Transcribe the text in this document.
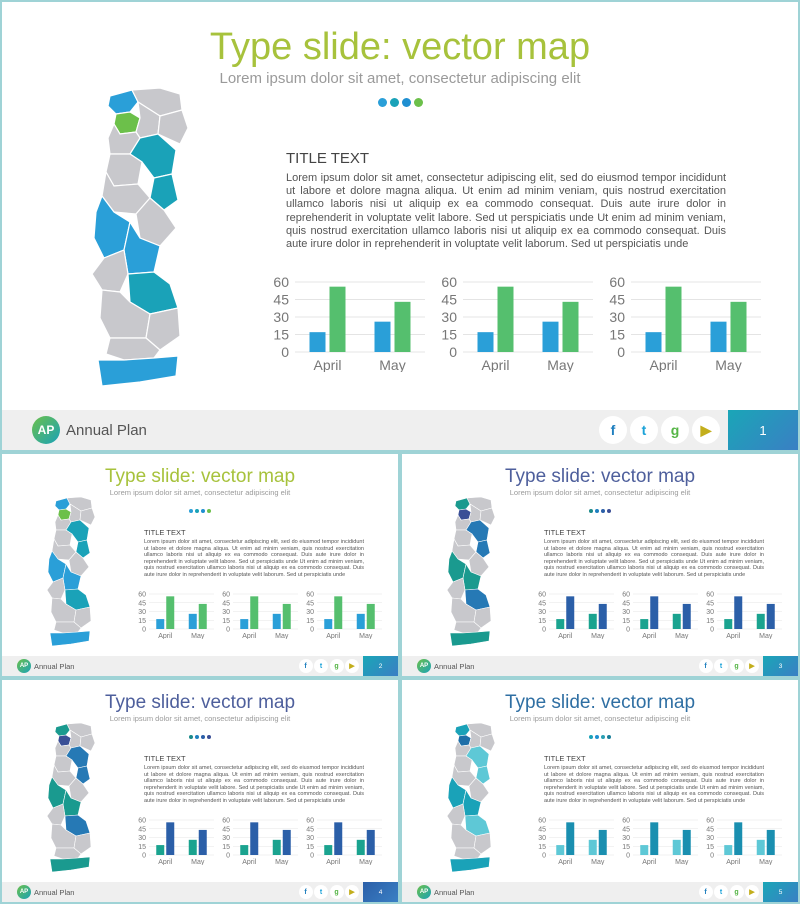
Type slide: vector map
Lorem ipsum dolor sit amet, consectetur adipiscing elit
TITLE TEXT
Lorem ipsum dolor sit amet, consectetur adipiscing elit, sed do eiusmod tempor incididunt ut labore et dolore magna aliqua. Ut enim ad minim veniam, quis nostrud exercitation ullamco laboris nisi ut aliquip ex ea commodo consequat. Duis aute irure dolor in reprehenderit in voluptate velit labore. Sed ut perspiciatis unde Ut enim ad minim veniam, quis nostrud exercitation ullamco laboris nisi ut aliquip ex ea commodo consequat. Duis aute irure dolor in reprehenderit in voluptate velit laborum. Sed ut perspiciatis unde
0
15
30
45
60
April	May
0
15
30
45
60
April	May
0
15
30
45
60
April	May
AP Annual Plan	f	t	g	▶	1
Type slide: vector map
Lorem ipsum dolor sit amet, consectetur adipiscing elit
TITLE TEXT
Lorem ipsum dolor sit amet, consectetur adipiscing elit, sed do eiusmod tempor incididunt ut labore et dolore magna aliqua. Ut enim ad minim veniam, quis nostrud exercitation ullamco laboris nisi ut aliquip ex ea commodo consequat. Duis aute irure dolor in reprehenderit in voluptate velit labore. Sed ut perspiciatis unde Ut enim ad minim veniam, quis nostrud exercitation ullamco laboris nisi ut aliquip ex ea commodo consequat. Duis aute irure dolor in reprehenderit in voluptate velit laborum. Sed ut perspiciatis unde
0
15
30
45
60
April May
0
15
30
45
60
April May
0
15
30
45
60
April May
AP Annual Plan	f	t	g	▶	2
Type slide: vector map
Lorem ipsum dolor sit amet, consectetur adipiscing elit
TITLE TEXT
Lorem ipsum dolor sit amet, consectetur adipiscing elit, sed do eiusmod tempor incididunt ut labore et dolore magna aliqua. Ut enim ad minim veniam, quis nostrud exercitation ullamco laboris nisi ut aliquip ex ea commodo consequat. Duis aute irure dolor in reprehenderit in voluptate velit labore. Sed ut perspiciatis unde Ut enim ad minim veniam, quis nostrud exercitation ullamco laboris nisi ut aliquip ex ea commodo consequat. Duis aute irure dolor in reprehenderit in voluptate velit laborum. Sed ut perspiciatis unde
0
15
30
45
60
April May
0
15
30
45
60
April May
0
15
30
45
60
April May
AP Annual Plan	f	t	g	▶	3
Type slide: vector map
Lorem ipsum dolor sit amet, consectetur adipiscing elit
TITLE TEXT
Lorem ipsum dolor sit amet, consectetur adipiscing elit, sed do eiusmod tempor incididunt ut labore et dolore magna aliqua. Ut enim ad minim veniam, quis nostrud exercitation ullamco laboris nisi ut aliquip ex ea commodo consequat. Duis aute irure dolor in reprehenderit in voluptate velit labore. Sed ut perspiciatis unde Ut enim ad minim veniam, quis nostrud exercitation ullamco laboris nisi ut aliquip ex ea commodo consequat. Duis aute irure dolor in reprehenderit in voluptate velit laborum. Sed ut perspiciatis unde
0
15
30
45
60
April May
0
15
30
45
60
April May
0
15
30
45
60
April May
AP Annual Plan	f	t	g	▶	4
Type slide: vector map
Lorem ipsum dolor sit amet, consectetur adipiscing elit
TITLE TEXT
Lorem ipsum dolor sit amet, consectetur adipiscing elit, sed do eiusmod tempor incididunt ut labore et dolore magna aliqua. Ut enim ad minim veniam, quis nostrud exercitation ullamco laboris nisi ut aliquip ex ea commodo consequat. Duis aute irure dolor in reprehenderit in voluptate velit labore. Sed ut perspiciatis unde Ut enim ad minim veniam, quis nostrud exercitation ullamco laboris nisi ut aliquip ex ea commodo consequat. Duis aute irure dolor in reprehenderit in voluptate velit laborum. Sed ut perspiciatis unde
0
15
30
45
60
April May
0
15
30
45
60
April May
0
15
30
45
60
April May
AP Annual Plan	f	t	g	▶	5
